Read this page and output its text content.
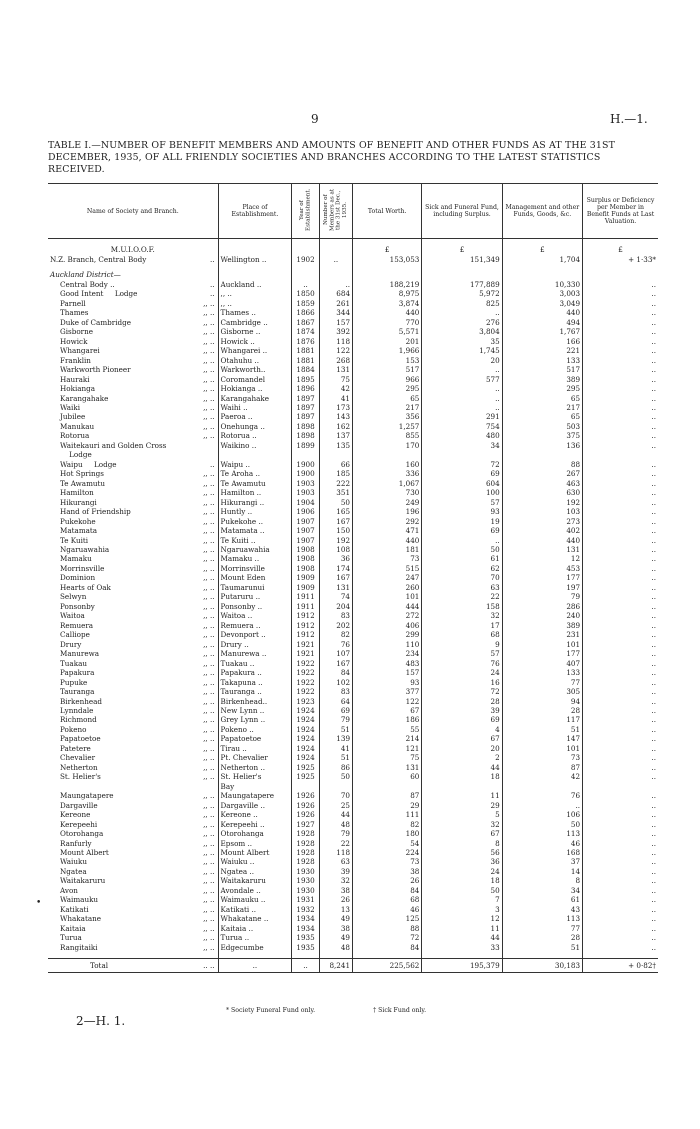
9	H.—1.
TABLE I.—NUMBER OF BENEFIT MEMBERS AND AMOUNTS OF BENEFIT AND OTHER FUNDS AS AT THE 31ST DECEMBER, 1935, OF ALL FRIENDLY SOCIETIES AND BRANCHES ACCORDING TO THE LATEST STATISTICS RECEIVED.
Name of Society and Branch.	Place of Establishment.	Year of Establishment.	Number of Members as at the 31st Dec., 1935.	Total Worth.	Sick and Funeral Fund, including Surplus.	Management and other Funds, Goods, &c.	Surplus or Deficiency per Member in Benefit Funds at Last Valuation.

M.U.I.O.O.F.				£	£	£	£
N.Z. Branch, Central Body ..	Wellington ..	1902	..	153,053	151,349	1,704	+ 1·33*

Auckland District—							
Central Body .. ..	Auckland ..	..	..	188,219	177,889	10,330	..
Good Intent     Lodge ..	,, ..	1850	684	8,975	5,972	3,003	..
Parnell ,, ..	,, ..	1859	261	3,874	825	3,049	..
Thames ,, ..	Thames ..	1866	344	440	..	440	..
Duke of Cambridge ,, ..	Cambridge ..	1867	157	770	276	494	..
Gisborne ,, ..	Gisborne ..	1874	392	5,571	3,804	1,767	..
Howick ,, ..	Howick ..	1876	118	201	35	166	..
Whangarei ,, ..	Whangarei ..	1881	122	1,966	1,745	221	..
Franklin ,, ..	Otahuhu ..	1881	268	153	20	133	..
Warkworth Pioneer ,, ..	Warkworth..	1884	131	517	..	517	..
Hauraki ,, ..	Coromandel	1895	75	966	577	389	..
Hokianga ,, ..	Hokianga ..	1896	42	295	..	295	..
Karangahake ,, ..	Karangahake	1897	41	65	..	65	..
Waiki ,, ..	Waihi ..	1897	173	217	..	217	..
Jubilee ,, ..	Paeroa ..	1897	143	356	291	65	..
Manukau ,, ..	Onehunga ..	1898	162	1,257	754	503	..
Rotorua ,, ..	Rotorua ..	1898	137	855	480	375	..
Waitekauri and Golden Cross	Waikino ..	1899	135	170	34	136	..
Lodge

Waipu     Lodge ..	Waipu ..	1900	66	160	72	88	..
Hot Springs ,, ..	Te Aroha ..	1900	185	336	69	267	..
Te Awamutu ,, ..	Te Awamutu	1903	222	1,067	604	463	..
Hamilton ,, ..	Hamilton ..	1903	351	730	100	630	..
Hikurangi ,, ..	Hikurangi ..	1904	50	249	57	192	..
Hand of Friendship ,, ..	Huntly ..	1906	165	196	93	103	..
Pukekohe ,, ..	Pukekohe ..	1907	167	292	19	273	..
Matamata ,, ..	Matamata ..	1907	150	471	69	402	..
Te Kuiti ,, ..	Te Kuiti ..	1907	192	440	..	440	..
Ngaruawahia ,, ..	Ngaruawahia	1908	108	181	50	131	..
Mamaku ,, ..	Mamaku ..	1908	36	73	61	12	..
Morrinsville ,, ..	Morrinsville	1908	174	515	62	453	..
Dominion ,, ..	Mount Eden	1909	167	247	70	177	..
Hearts of Oak ,, ..	Taumarunui	1909	131	260	63	197	..
Selwyn ,, ..	Putaruru ..	1911	74	101	22	79	..
Ponsonby ,, ..	Ponsonby ..	1911	204	444	158	286	..
Waitoa ,, ..	Waitoa ..	1912	83	272	32	240	..
Remuera ,, ..	Remuera ..	1912	202	406	17	389	..
Calliope ,, ..	Devonport ..	1912	82	299	68	231	..
Drury ,, ..	Drury ..	1921	76	110	9	101	..
Manurewa ,, ..	Manurewa ..	1921	107	234	57	177	..
Tuakau ,, ..	Tuakau ..	1922	167	483	76	407	..
Papakura ,, ..	Papakura ..	1922	84	157	24	133	..
Pupuke ,, ..	Takapuna ..	1922	102	93	16	77	..
Tauranga ,, ..	Tauranga ..	1922	83	377	72	305	..
Birkenhead ,, ..	Birkenhead..	1923	64	122	28	94	..
Lynndale ,, ..	New Lynn ..	1924	69	67	39	28	..
Richmond ,, ..	Grey Lynn ..	1924	79	186	69	117	..
Pokeno ,, ..	Pokeno ..	1924	51	55	4	51	..
Papatoetoe ,, ..	Papatoetoe	1924	139	214	67	147	..
Patetere ,, ..	Tirau ..	1924	41	121	20	101	..
Chevalier ,, ..	Pt. Chevalier	1924	51	75	2	73	..
Netherton ,, ..	Netherton ..	1925	86	131	44	87	..
St. Helier's ,, ..	St. Helier's	1925	50	60	18	42	..

	Bay						
Maungatapere ,, ..	Maungatapere	1926	70	87	11	76	..
Dargaville ,, ..	Dargaville ..	1926	25	29	29	..	..
Kereone ,, ..	Kereone ..	1926	44	111	5	106	..
Kerepeehi ,, ..	Kerepeehi ..	1927	48	82	32	50	..
Otorohanga ,, ..	Otorohanga	1928	79	180	67	113	..
Ranfurly ,, ..	Epsom ..	1928	22	54	8	46	..
Mount Albert ,, ..	Mount Albert	1928	118	224	56	168	..
Waiuku ,, ..	Waiuku ..	1928	63	73	36	37	..
Ngatea ,, ..	Ngatea ..	1930	39	38	24	14	..
Waitakaruru ,, ..	Waitakaruru	1930	32	26	18	8	..
Avon ,, ..	Avondale ..	1930	38	84	50	34	..
Waimauku ,, ..	Waimauku ..	1931	26	68	7	61	..
Katikati ,, ..	Katikati ..	1932	13	46	3	43	..
Whakatane ,, ..	Whakatane ..	1934	49	125	12	113	..
Kaitaia ,, ..	Kaitaia ..	1934	38	88	11	77	..
Turua ,, ..	Turua ..	1935	49	72	44	28	..
Rangitaiki ,, ..	Edgecumbe	1935	48	84	33	51	..

Total .. ..	..	..	8,241	225,562	195,379	30,183	+ 0·82†
•
* Society Funeral Fund only.	† Sick Fund only.
2—H. 1.
